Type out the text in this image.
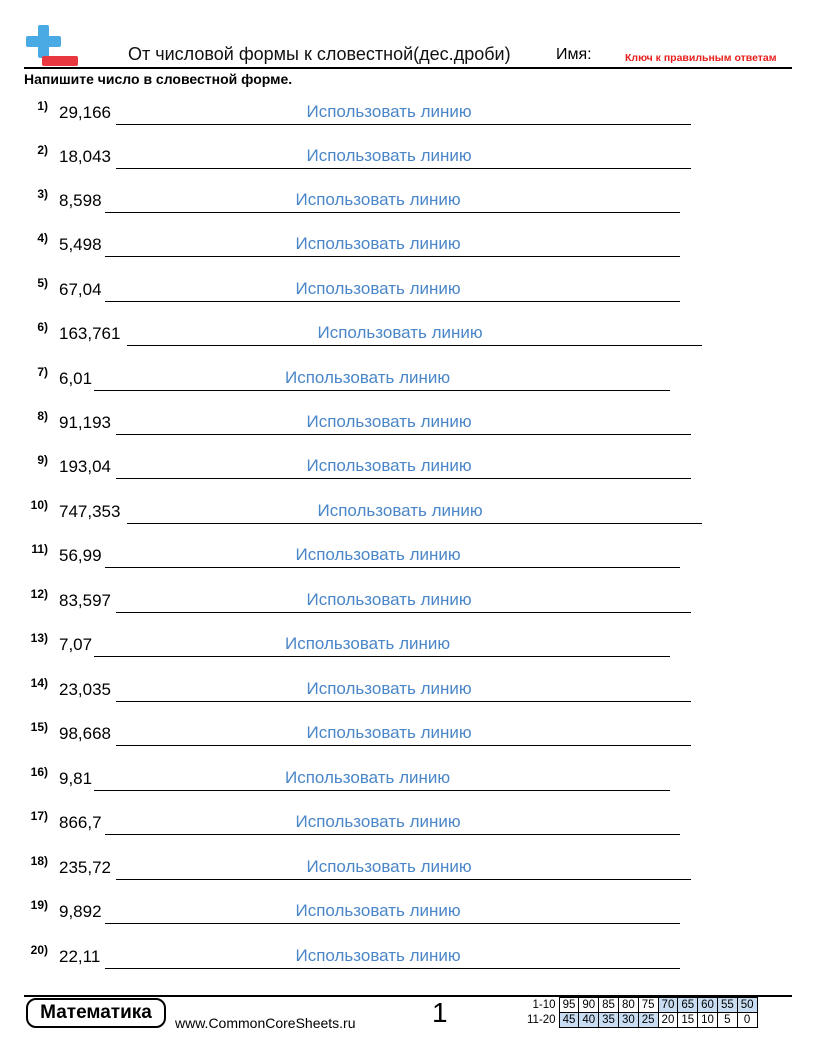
От числовой формы к словестной(дес.дроби)	Имя:	Ключ к правильным ответам
Напишите число в словестной форме.
1) 29,166	Использовать линию
2) 18,043	Использовать линию
3) 8,598	Использовать линию
4) 5,498	Использовать линию
5) 67,04	Использовать линию
6) 163,761	Использовать линию
7) 6,01	Использовать линию
8) 91,193	Использовать линию
9) 193,04	Использовать линию
10) 747,353	Использовать линию
11) 56,99	Использовать линию
12) 83,597	Использовать линию
13) 7,07	Использовать линию
14) 23,035	Использовать линию
15) 98,668	Использовать линию
16) 9,81	Использовать линию
17) 866,7	Использовать линию
18) 235,72	Использовать линию
19) 9,892	Использовать линию
20) 22,11	Использовать линию
Математика	www.CommonCoreSheets.ru	1	1-10	95	90	85	80	75	70	65	60	55	50
11-20	45	40	35	30	25	20	15	10	5	0
